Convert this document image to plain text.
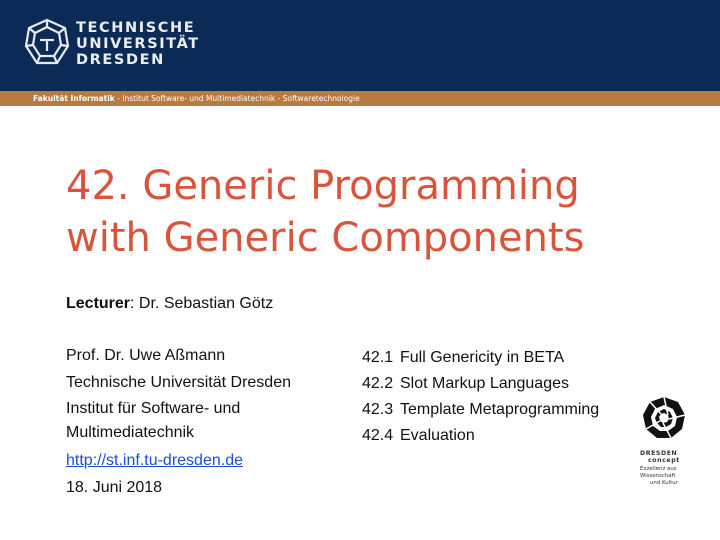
TECHNISCHE
UNIVERSITÄT
DRESDEN
Fakultät Informatik - Institut Software- und Multimediatechnik - Softwaretechnologie
42. Generic Programming
with Generic Components
Lecturer: Dr. Sebastian Götz
Prof. Dr. Uwe Aßmann
Technische Universität Dresden
Institut für Software- und
Multimediatechnik
http://st.inf.tu-dresden.de
18. Juni 2018
42.1 Full Genericity in BETA
42.2 Slot Markup Languages
42.3 Template Metaprogramming
42.4 Evaluation
DRESDEN
concept
Exzellenz aus
Wissenschaft
und Kultur
